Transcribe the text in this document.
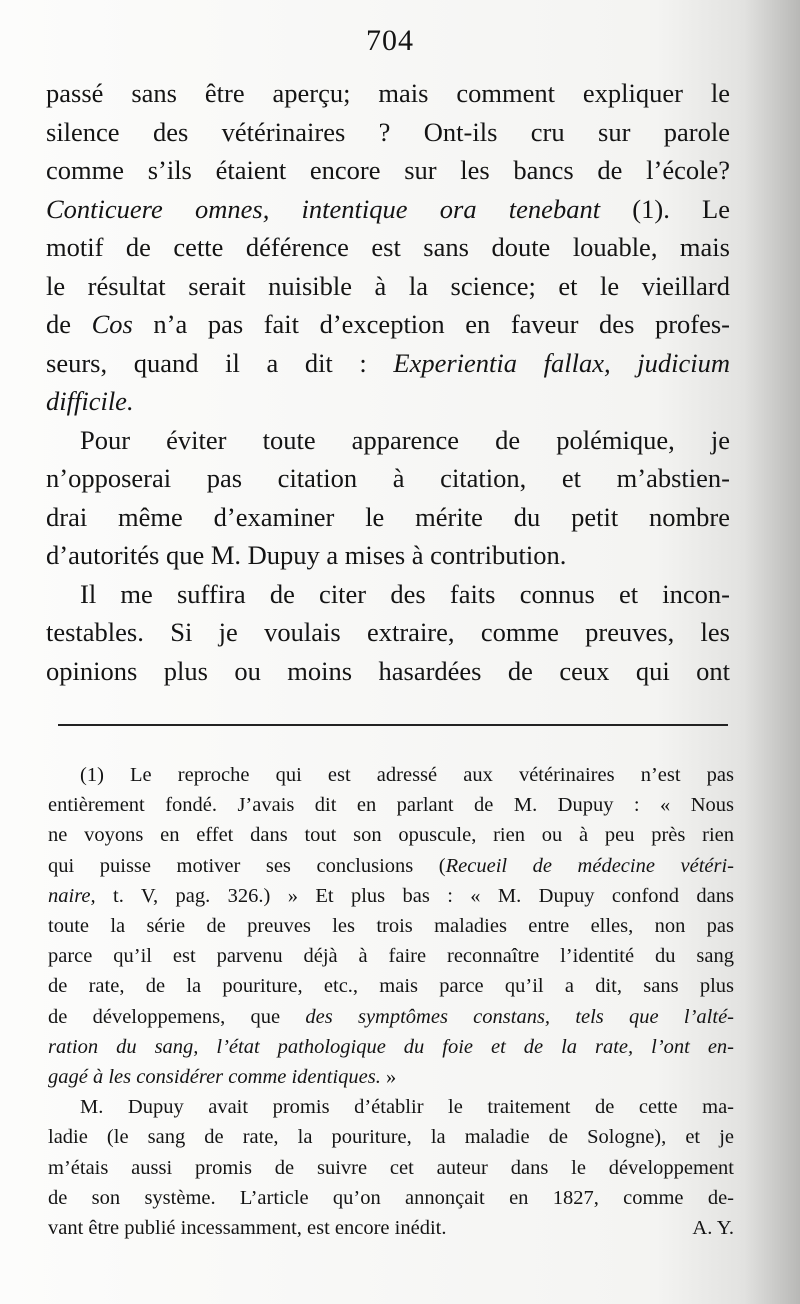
704

passé sans être aperçu; mais comment expliquer le
silence des vétérinaires ? Ont-ils cru sur parole
comme s’ils étaient encore sur les bancs de l’école?
Conticuere omnes, intentique ora tenebant (1). Le
motif de cette déférence est sans doute louable, mais
le résultat serait nuisible à la science; et le vieillard
de Cos n’a pas fait d’exception en faveur des profes-
seurs, quand il a dit : Experientia fallax, judicium
difficile.

Pour éviter toute apparence de polémique, je
n’opposerai pas citation à citation, et m’abstien-
drai même d’examiner le mérite du petit nombre
d’autorités que M. Dupuy a mises à contribution.

Il me suffira de citer des faits connus et incon-
testables. Si je voulais extraire, comme preuves, les
opinions plus ou moins hasardées de ceux qui ont

(1) Le reproche qui est adressé aux vétérinaires n’est pas
entièrement fondé. J’avais dit en parlant de M. Dupuy : « Nous
ne voyons en effet dans tout son opuscule, rien ou à peu près rien
qui puisse motiver ses conclusions (Recueil de médecine vétéri-
naire, t. V, pag. 326.) » Et plus bas : « M. Dupuy confond dans
toute la série de preuves les trois maladies entre elles, non pas
parce qu’il est parvenu déjà à faire reconnaître l’identité du sang
de rate, de la pouriture, etc., mais parce qu’il a dit, sans plus
de développemens, que des symptômes constans, tels que l’alté-
ration du sang, l’état pathologique du foie et de la rate, l’ont en-
gagé à les considérer comme identiques. »

M. Dupuy avait promis d’établir le traitement de cette ma-
ladie (le sang de rate, la pouriture, la maladie de Sologne), et je
m’étais aussi promis de suivre cet auteur dans le développement
de son système. L’article qu’on annonçait en 1827, comme de-
vant être publié incessamment, est encore inédit.	A. Y.
